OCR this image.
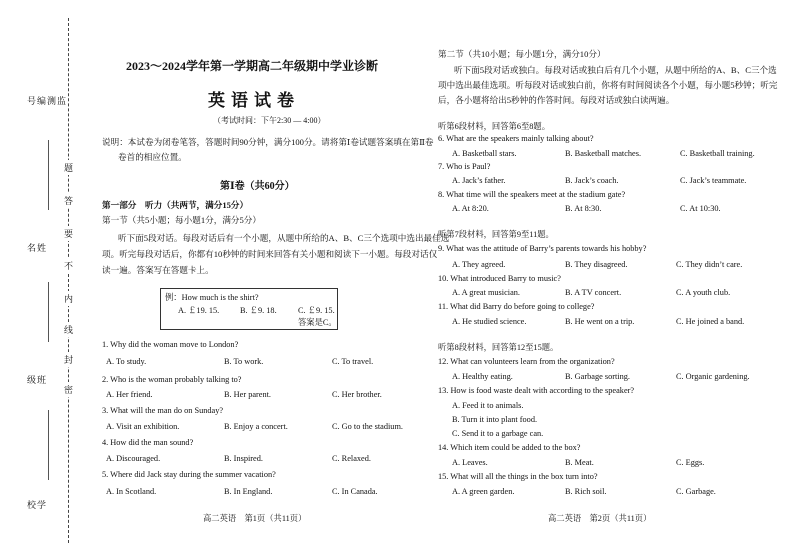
监测编号
姓　名
班　级
学　校
题
答
要
不
内
线
封
密
2023～2024学年第一学期高二年级期中学业诊断
英语试卷
（考试时间：下午2:30 — 4:00）
说明：本试卷为闭卷笔答，答题时间90分钟，满分100分。请将第Ⅰ卷试题答案填在第Ⅱ卷
卷首的相应位置。
第Ⅰ卷（共60分）
第一部分　听力（共两节，满分15分）
第一节（共5小题；每小题1分，满分5分）
听下面5段对话。每段对话后有一个小题，从题中所给的A、B、C三个选项中选出最佳选
项。听完每段对话后，你都有10秒钟的时间来回答有关小题和阅读下一小题。每段对话仅
读一遍。答案写在答题卡上。
例：How much is the shirt?
A. ￡19. 15. B. ￡9. 18.	C. ￡9. 15.
答案是C。
1. Why did the woman move to London?
A. To study.	B. To work.	C. To travel.
2. Who is the woman probably talking to?
A. Her friend.	B. Her parent.	C. Her brother.
3. What will the man do on Sunday?
A. Visit an exhibition.	B. Enjoy a concert.	C. Go to the stadium.
4. How did the man sound?
A. Discouraged.	B. Inspired.	C. Relaxed.
5. Where did Jack stay during the summer vacation?
A. In Scotland.	B. In England.	C. In Canada.
高二英语　第1页（共11页）
第二节（共10小题；每小题1分，满分10分）
听下面5段对话或独白。每段对话或独白后有几个小题，从题中所给的A、B、C三个选
项中选出最佳选项。听每段对话或独白前，你将有时间阅读各个小题，每小题5秒钟；听完
后，各小题将给出5秒钟的作答时间。每段对话或独白读两遍。
听第6段材料，回答第6至8题。
6. What are the speakers mainly talking about?
A. Basketball stars.	B. Basketball matches.	C. Basketball training.
7. Who is Paul?
A. Jack’s father.	B. Jack’s coach.	C. Jack’s teammate.
8. What time will the speakers meet at the stadium gate?
A. At 8:20.	B. At 8:30.	C. At 10:30.
听第7段材料，回答第9至11题。
9. What was the attitude of Barry’s parents towards his hobby?
A. They agreed.	B. They disagreed.	C. They didn’t care.
10. What introduced Barry to music?
A. A great musician.	B. A TV concert.	C. A youth club.
11. What did Barry do before going to college?
A. He studied science.	B. He went on a trip.	C. He joined a band.
听第8段材料，回答第12至15题。
12. What can volunteers learn from the organization?
A. Healthy eating.	B. Garbage sorting.	C. Organic gardening.
13. How is food waste dealt with according to the speaker?
A. Feed it to animals.
B. Turn it into plant food.
C. Send it to a garbage can.
14. Which item could be added to the box?
A. Leaves.	B. Meat.	C. Eggs.
15. What will all the things in the box turn into?
A. A green garden.	B. Rich soil.	C. Garbage.
高二英语　第2页（共11页）
